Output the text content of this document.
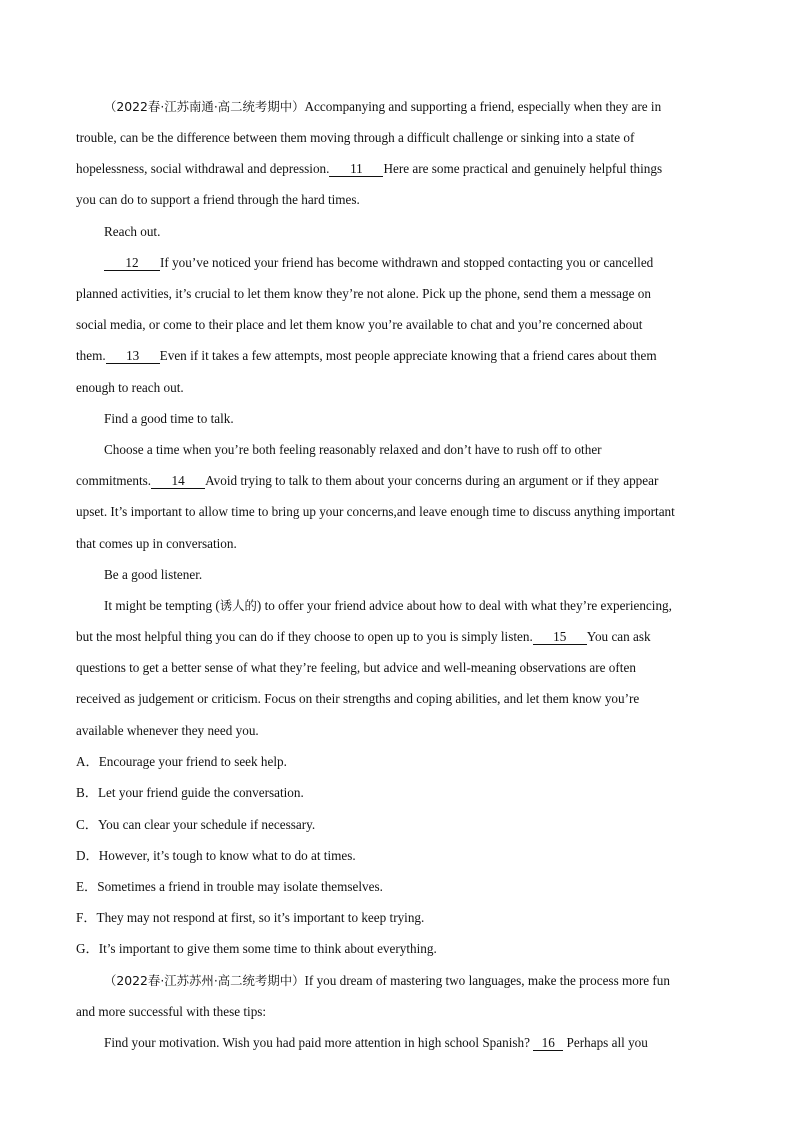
（2022春·江苏南通·高二统考期中）Accompanying and supporting a friend, especially when they are in
trouble, can be the difference between them moving through a difficult challenge or sinking into a state of
hopelessness, social withdrawal and depression. 11 Here are some practical and genuinely helpful things
you can do to support a friend through the hard times.
Reach out.
12 If you’ve noticed your friend has become withdrawn and stopped contacting you or cancelled
planned activities, it’s crucial to let them know they’re not alone. Pick up the phone, send them a message on
social media, or come to their place and let them know you’re available to chat and you’re concerned about
them. 13 Even if it takes a few attempts, most people appreciate knowing that a friend cares about them
enough to reach out.
Find a good time to talk.
Choose a time when you’re both feeling reasonably relaxed and don’t have to rush off to other
commitments. 14 Avoid trying to talk to them about your concerns during an argument or if they appear
upset. It’s important to allow time to bring up your concerns,and leave enough time to discuss anything important
that comes up in conversation.
Be a good listener.
It might be tempting (诱人的) to offer your friend advice about how to deal with what they’re experiencing,
but the most helpful thing you can do if they choose to open up to you is simply listen. 15 You can ask
questions to get a better sense of what they’re feeling, but advice and well-meaning observations are often
received as judgement or criticism. Focus on their strengths and coping abilities, and let them know you’re
available whenever they need you.
A．Encourage your friend to seek help.
B．Let your friend guide the conversation.
C．You can clear your schedule if necessary.
D．However, it’s tough to know what to do at times.
E．Sometimes a friend in trouble may isolate themselves.
F．They may not respond at first, so it’s important to keep trying.
G．It’s important to give them some time to think about everything.
（2022春·江苏苏州·高二统考期中）If you dream of mastering two languages, make the process more fun
and more successful with these tips:
Find your motivation. Wish you had paid more attention in high school Spanish? 16 Perhaps all you
